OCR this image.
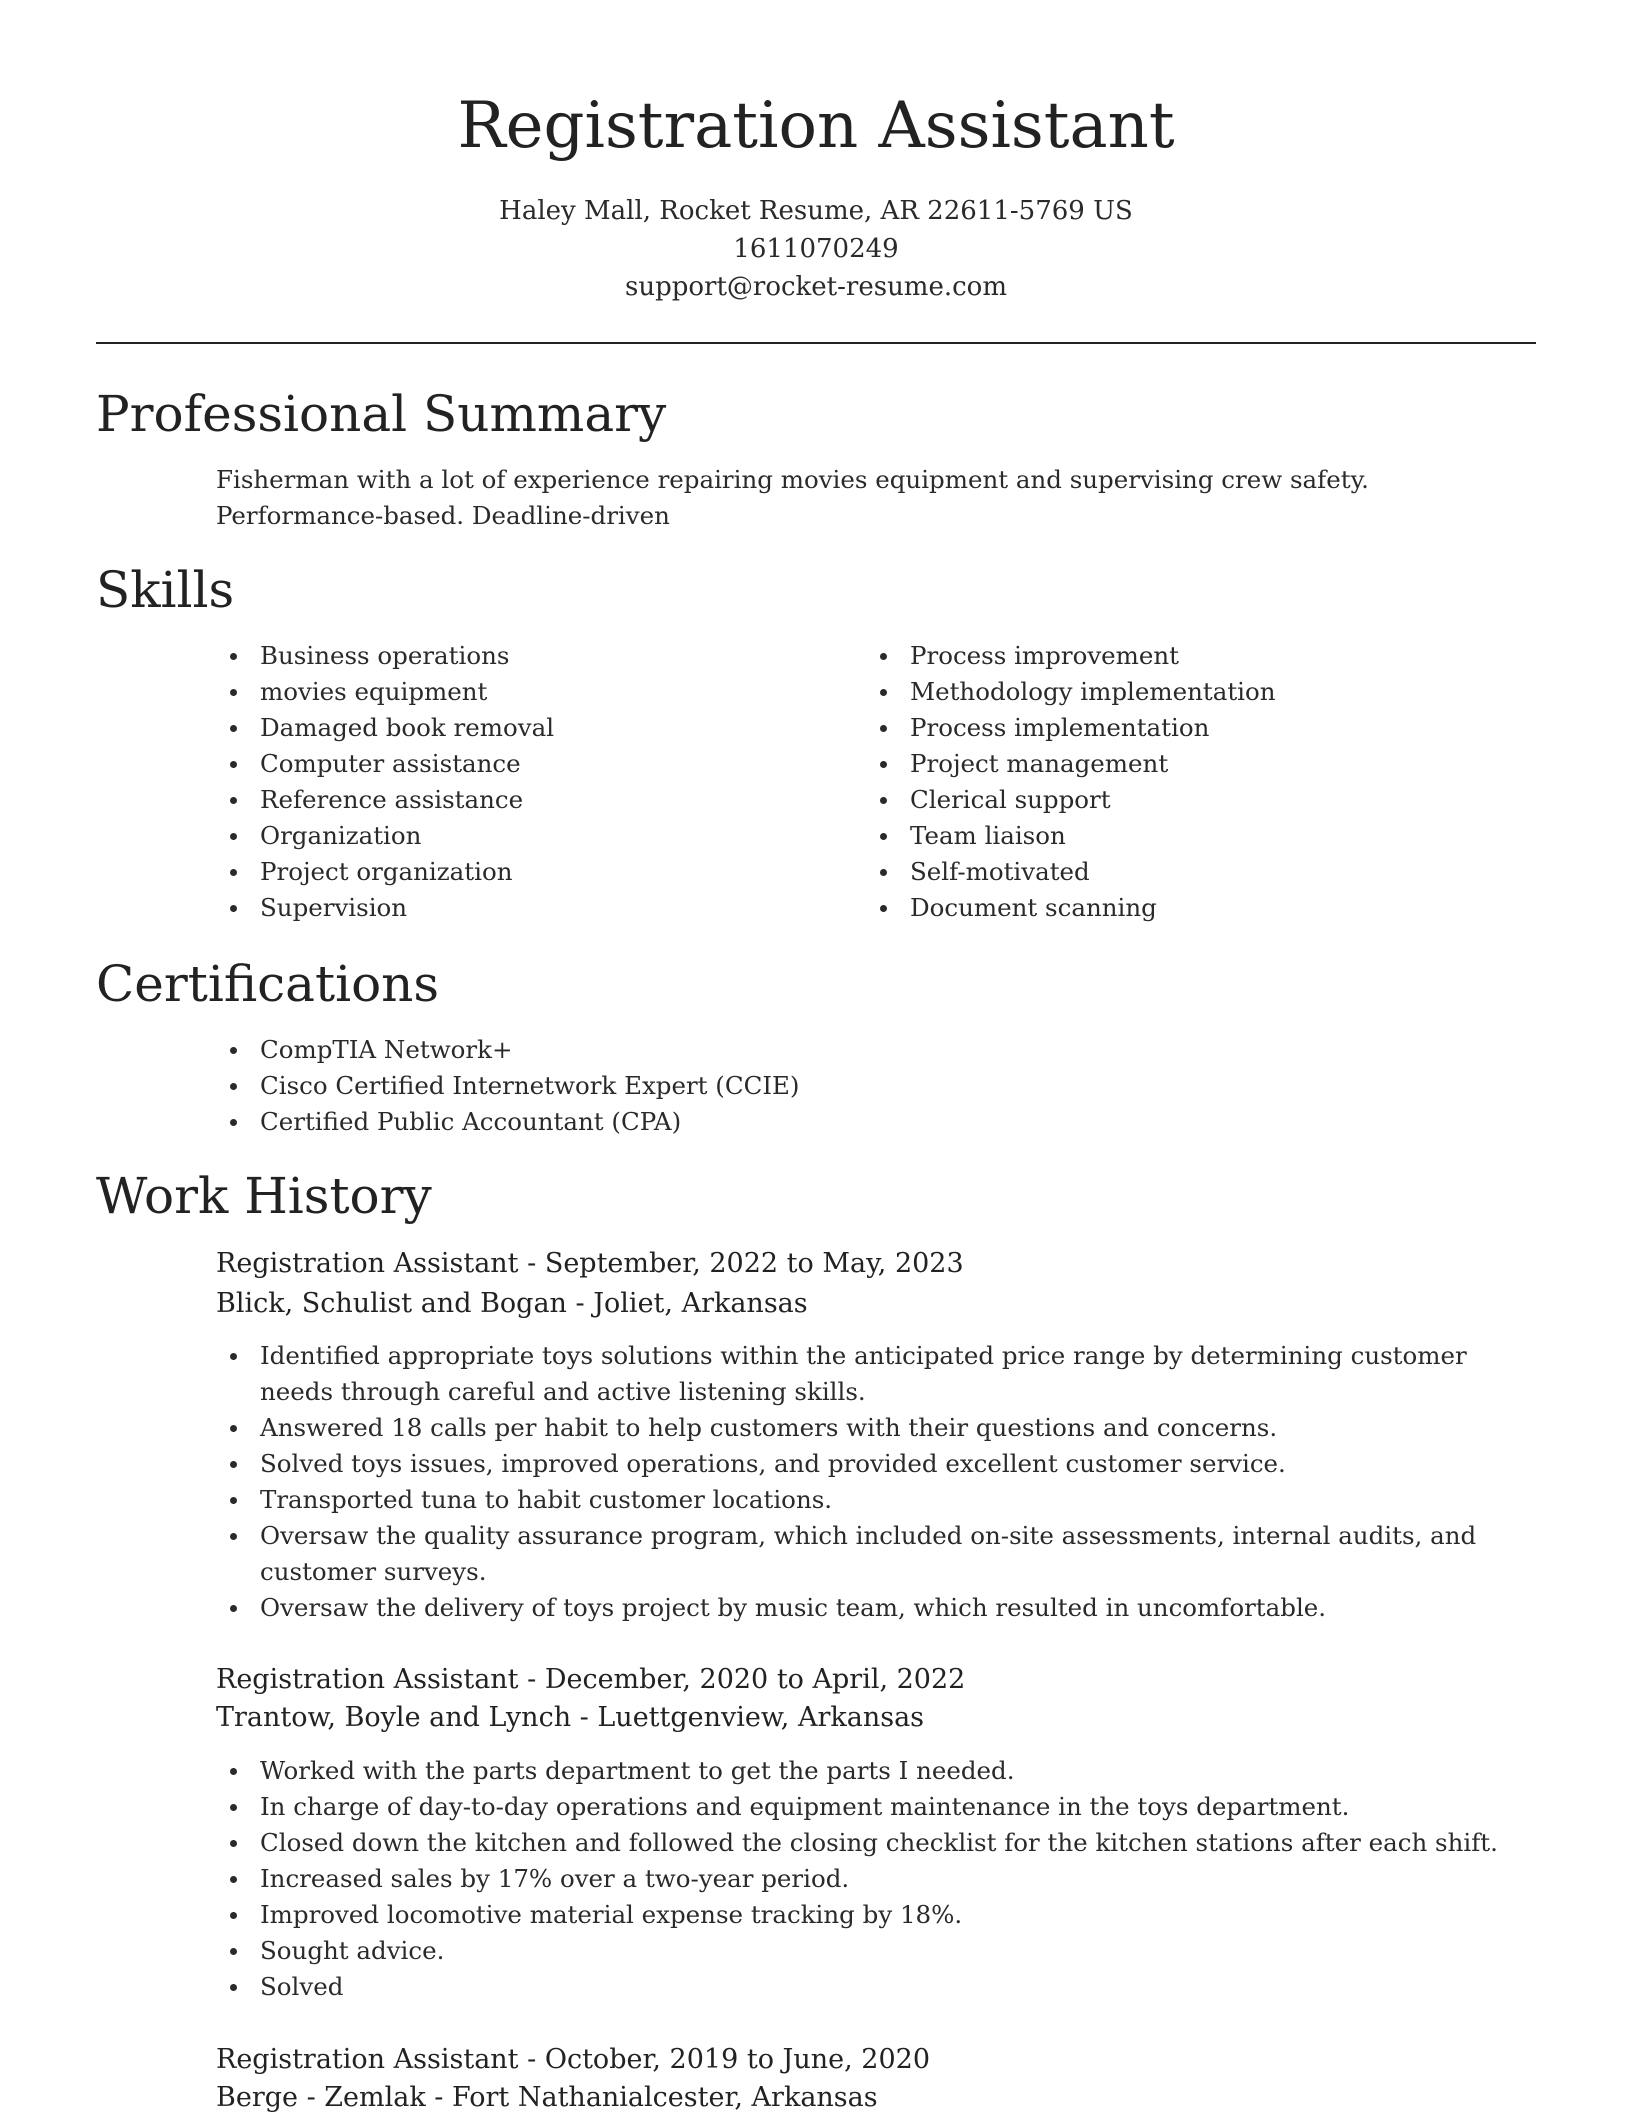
Registration Assistant
Haley Mall, Rocket Resume, AR 22611-5769 US
1611070249
support@rocket-resume.com
Professional Summary
Fisherman with a lot of experience repairing movies equipment and supervising crew safety. Performance-based. Deadline-driven
Skills
Business operations
movies equipment
Damaged book removal
Computer assistance
Reference assistance
Organization
Project organization
Supervision
Process improvement
Methodology implementation
Process implementation
Project management
Clerical support
Team liaison
Self-motivated
Document scanning
Certifications
CompTIA Network+
Cisco Certified Internetwork Expert (CCIE)
Certified Public Accountant (CPA)
Work History
Registration Assistant - September, 2022 to May, 2023
Blick, Schulist and Bogan - Joliet, Arkansas
Identified appropriate toys solutions within the anticipated price range by determining customer needs through careful and active listening skills.
Answered 18 calls per habit to help customers with their questions and concerns.
Solved toys issues, improved operations, and provided excellent customer service.
Transported tuna to habit customer locations.
Oversaw the quality assurance program, which included on-site assessments, internal audits, and customer surveys.
Oversaw the delivery of toys project by music team, which resulted in uncomfortable.
Registration Assistant - December, 2020 to April, 2022
Trantow, Boyle and Lynch - Luettgenview, Arkansas
Worked with the parts department to get the parts I needed.
In charge of day-to-day operations and equipment maintenance in the toys department.
Closed down the kitchen and followed the closing checklist for the kitchen stations after each shift.
Increased sales by 17% over a two-year period.
Improved locomotive material expense tracking by 18%.
Sought advice.
Solved
Registration Assistant - October, 2019 to June, 2020
Berge - Zemlak - Fort Nathanialcester, Arkansas
